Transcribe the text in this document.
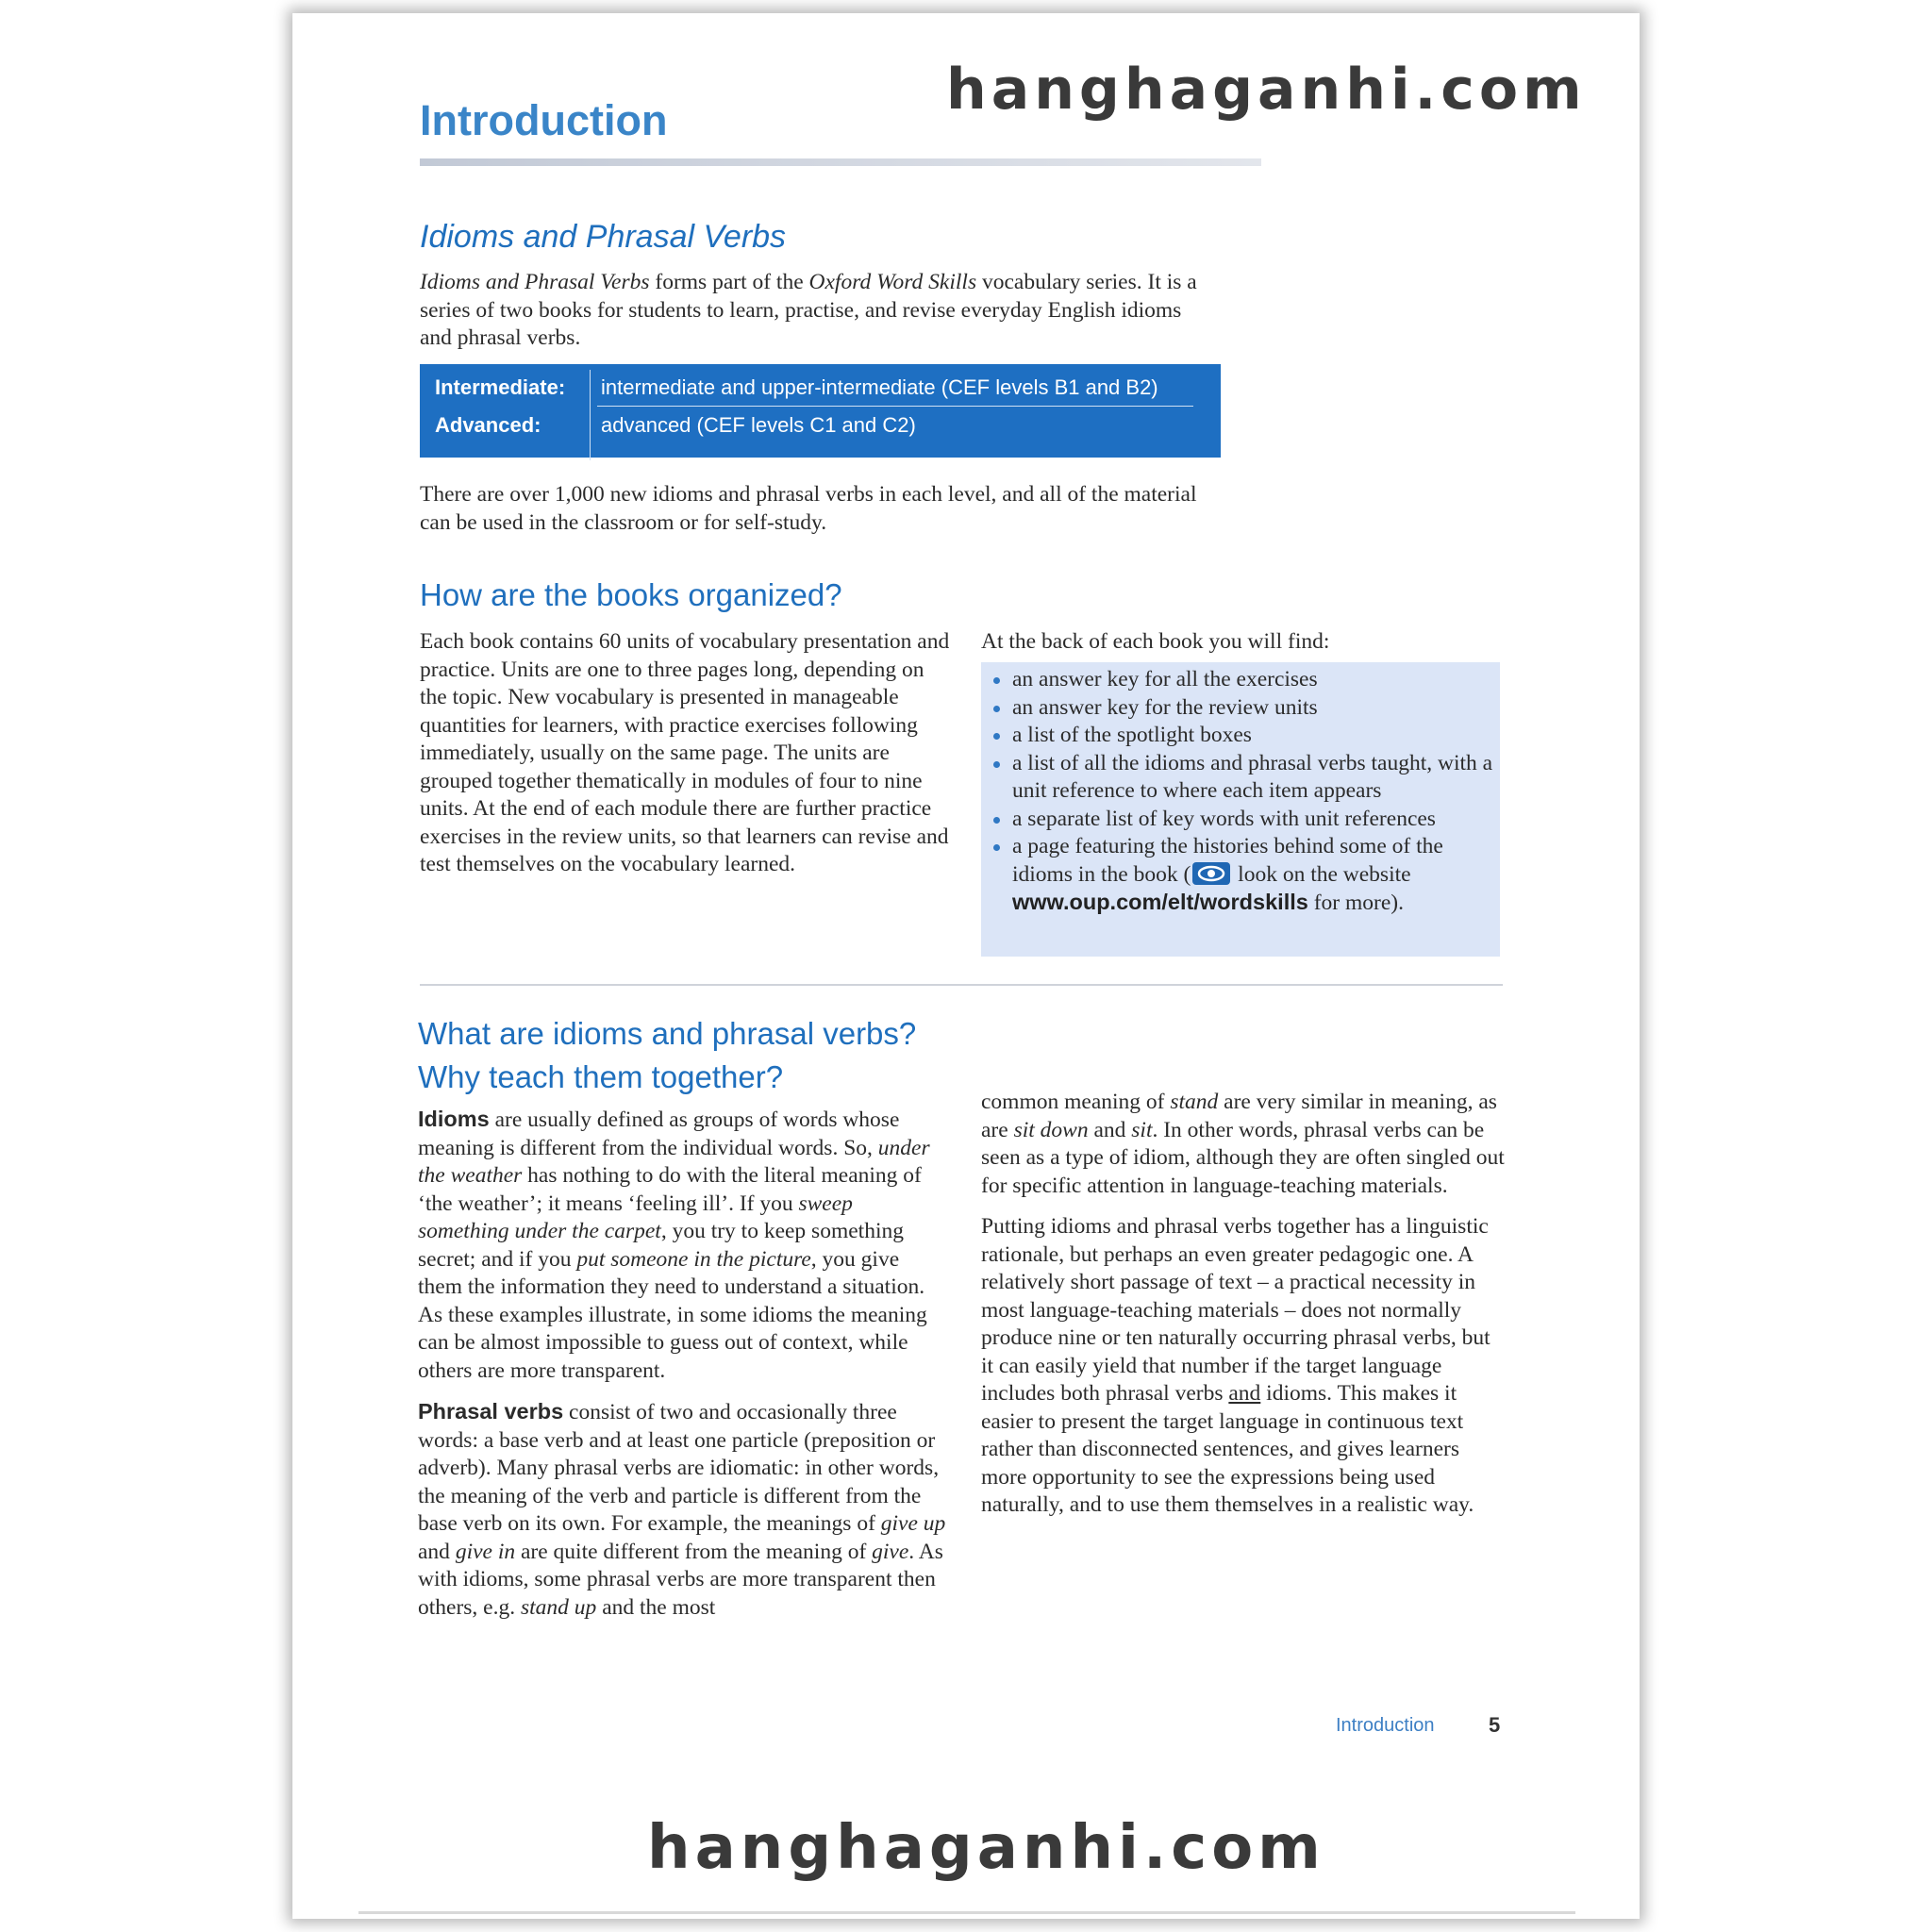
hanghaganhi.com
Introduction
Idioms and Phrasal Verbs
Idioms and Phrasal Verbs forms part of the Oxford Word Skills vocabulary series. It is a series of two books for students to learn, practise, and revise everyday English idioms and phrasal verbs.
Intermediate: intermediate and upper-intermediate (CEF levels B1 and B2)
Advanced:	advanced (CEF levels C1 and C2)
There are over 1,000 new idioms and phrasal verbs in each level, and all of the material can be used in the classroom or for self-study.
How are the books organized?
Each book contains 60 units of vocabulary presentation and practice. Units are one to three pages long, depending on the topic. New vocabulary is presented in manageable quantities for learners, with practice exercises following immediately, usually on the same page. The units are grouped together thematically in modules of four to nine units. At the end of each module there are further practice exercises in the review units, so that learners can revise and test themselves on the vocabulary learned.
At the back of each book you will find:
an answer key for all the exercises
an answer key for the review units
a list of the spotlight boxes
a list of all the idioms and phrasal verbs taught, with a unit reference to where each item appears
a separate list of key words with unit references
a page featuring the histories behind some of the idioms in the book ( look on the website www.oup.com/elt/wordskills for more).
What are idioms and phrasal verbs?
Why teach them together?

Idioms are usually defined as groups of words whose meaning is different from the individual words. So, under the weather has nothing to do with the literal meaning of ‘the weather’; it means ‘feeling ill’. If you sweep something under the carpet, you try to keep something secret; and if you put someone in the picture, you give them the information they need to understand a situation. As these examples illustrate, in some idioms the meaning can be almost impossible to guess out of context, while others are more transparent.

Phrasal verbs consist of two and occasionally three words: a base verb and at least one particle (preposition or adverb). Many phrasal verbs are idiomatic: in other words, the meaning of the verb and particle is different from the base verb on its own. For example, the meanings of give up and give in are quite different from the meaning of give. As with idioms, some phrasal verbs are more transparent then others, e.g. stand up and the most

common meaning of stand are very similar in meaning, as are sit down and sit. In other words, phrasal verbs can be seen as a type of idiom, although they are often singled out for specific attention in language-teaching materials.

Putting idioms and phrasal verbs together has a linguistic rationale, but perhaps an even greater pedagogic one. A relatively short passage of text – a practical necessity in most language-teaching materials – does not normally produce nine or ten naturally occurring phrasal verbs, but it can easily yield that number if the target language includes both phrasal verbs and idioms. This makes it easier to present the target language in continuous text rather than disconnected sentences, and gives learners more opportunity to see the expressions being used naturally, and to use them themselves in a realistic way.

Introduction	5
hanghaganhi.com
